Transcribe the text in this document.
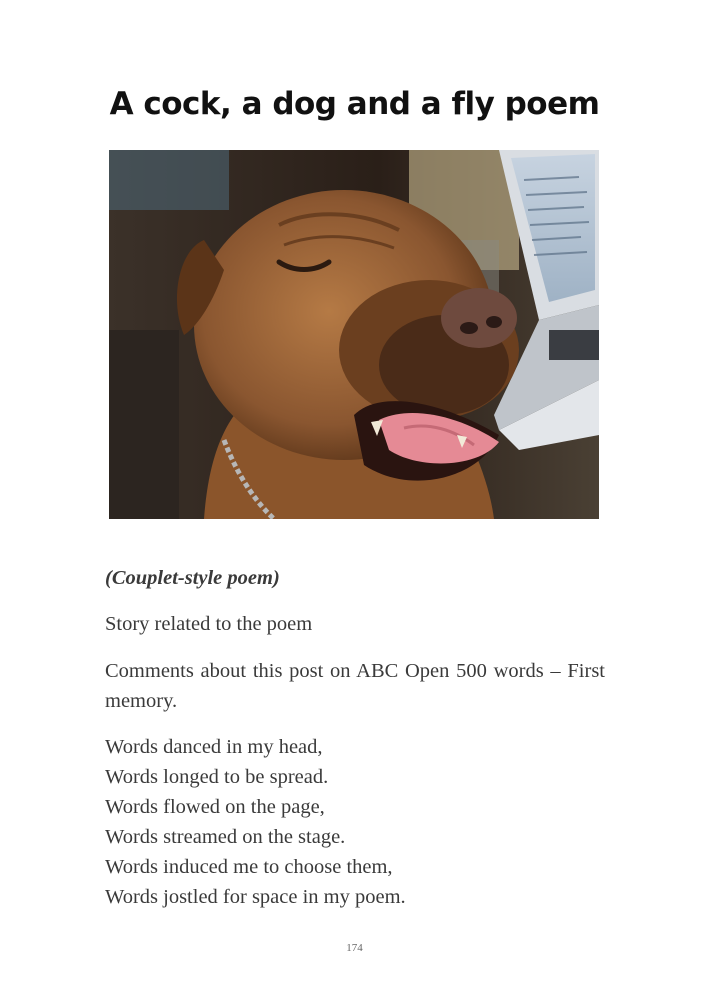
A cock, a dog and a fly poem
(Couplet-style poem)
Story related to the poem
Comments about this post on ABC Open 500 words – First memory.
Words danced in my head,
Words longed to be spread.
Words flowed on the page,
Words streamed on the stage.
Words induced me to choose them,
Words jostled for space in my poem.
174
